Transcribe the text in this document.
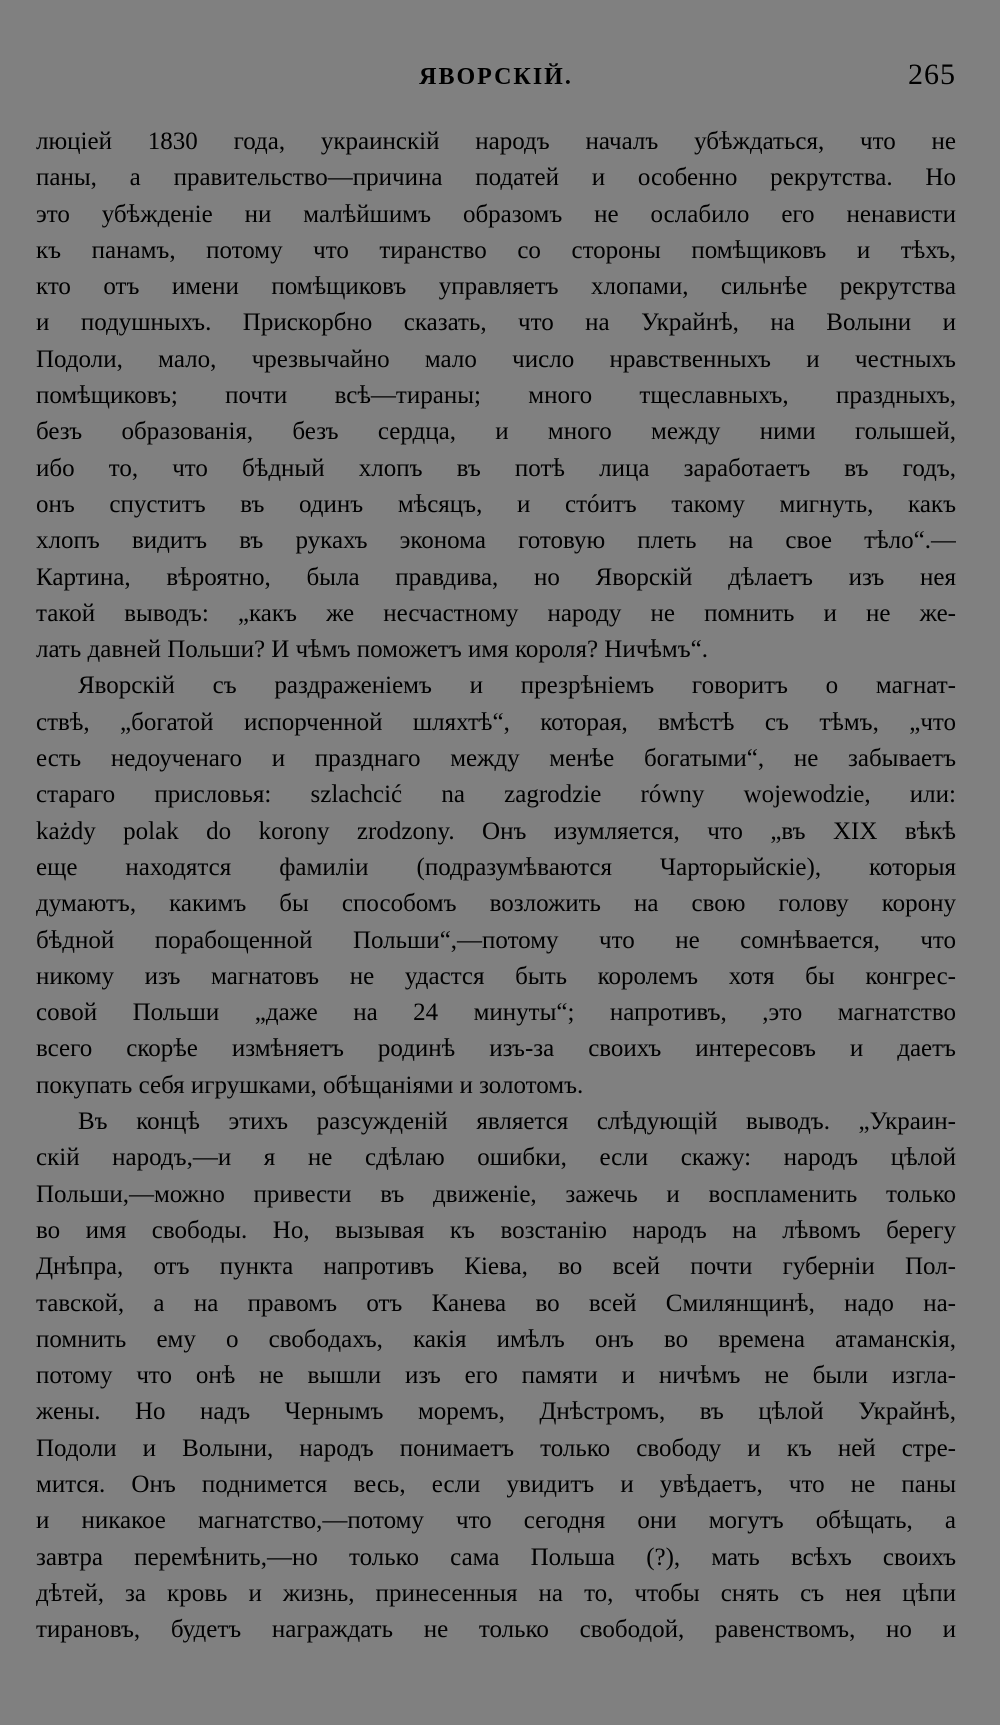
ЯВОРСКІЙ.	265
люціей 1830 года, украинскій народъ началъ убѣждаться, что не
паны, а правительство—причина податей и особенно рекрутства. Но
это убѣжденіе ни малѣйшимъ образомъ не ослабило его ненависти
къ панамъ, потому что тиранство со стороны помѣщиковъ и тѣхъ,
кто отъ имени помѣщиковъ управляетъ хлопами, сильнѣе рекрутства
и подушныхъ. Прискорбно сказать, что на Украйнѣ, на Волыни и
Подоли, мало, чрезвычайно мало число нравственныхъ и честныхъ
помѣщиковъ; почти всѣ—тираны; много тщеславныхъ, праздныхъ,
безъ образованія, безъ сердца, и много между ними голышей,
ибо то, что бѣдный хлопъ въ потѣ лица заработаетъ въ годъ,
онъ спуститъ въ одинъ мѣсяцъ, и стóитъ такому мигнуть, какъ
хлопъ видитъ въ рукахъ эконома готовую плеть на свое тѣло“.—
Картина, вѣроятно, была правдива, но Яворскій дѣлаетъ изъ нея
такой выводъ: „какъ же несчастному народу не помнить и не же-
лать давней Польши? И чѣмъ поможетъ имя короля? Ничѣмъ“.
Яворскій съ раздраженіемъ и презрѣніемъ говоритъ о магнат-
ствѣ, „богатой испорченной шляхтѣ“, которая, вмѣстѣ съ тѣмъ, „что
есть недоученаго и празднаго между менѣе богатыми“, не забываетъ
стараго присловья: szlachcić na zagrodzie równy wojewodzie, или:
każdy polak do korony zrodzony. Онъ изумляется, что „въ XIX вѣкѣ
еще находятся фамиліи (подразумѣваются Чарторыйскіе), которыя
думаютъ, какимъ бы способомъ возложить на свою голову корону
бѣдной порабощенной Польши“,—потому что не сомнѣвается, что
никому изъ магнатовъ не удастся быть королемъ хотя бы конгрес-
совой Польши „даже на 24 минуты“; напротивъ, ,это магнатство
всего скорѣе измѣняетъ родинѣ изъ-за своихъ интересовъ и даетъ
покупать себя игрушками, обѣщаніями и золотомъ.
Въ концѣ этихъ разсужденій является слѣдующій выводъ. „Украин-
скій народъ,—и я не сдѣлаю ошибки, если скажу: народъ цѣлой
Польши,—можно привести въ движеніе, зажечь и воспламенить только
во имя свободы. Но, вызывая къ возстанію народъ на лѣвомъ берегу
Днѣпра, отъ пункта напротивъ Кіева, во всей почти губерніи Пол-
тавской, а на правомъ отъ Канева во всей Смилянщинѣ, надо на-
помнить ему о свободахъ, какія имѣлъ онъ во времена атаманскія,
потому что онѣ не вышли изъ его памяти и ничѣмъ не были изгла-
жены. Но надъ Чернымъ моремъ, Днѣстромъ, въ цѣлой Украйнѣ,
Подоли и Волыни, народъ понимаетъ только свободу и къ ней стре-
мится. Онъ поднимется весь, если увидитъ и увѣдаетъ, что не паны
и никакое магнатство,—потому что сегодня они могутъ обѣщать, а
завтра перемѣнить,—но только сама Польша (?), мать всѣхъ своихъ
дѣтей, за кровь и жизнь, принесенныя на то, чтобы снять съ нея цѣпи
тирановъ, будетъ награждать не только свободой, равенствомъ, но и
